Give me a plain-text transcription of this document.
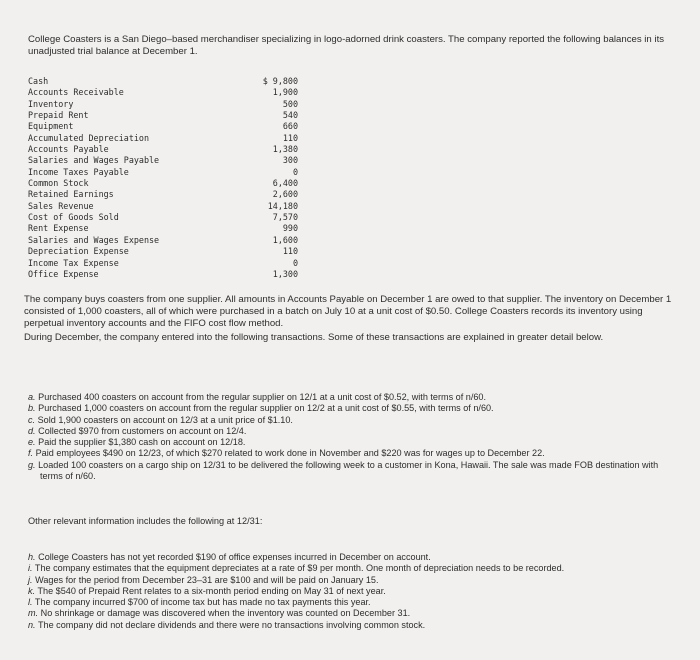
College Coasters is a San Diego–based merchandiser specializing in logo-adorned drink coasters. The company reported the following balances in its unadjusted trial balance at December 1.

Cash	$ 9,800
Accounts Receivable	1,900
Inventory	500
Prepaid Rent	540
Equipment	660
Accumulated Depreciation	110
Accounts Payable	1,380
Salaries and Wages Payable	300
Income Taxes Payable	0
Common Stock	6,400
Retained Earnings	2,600
Sales Revenue	14,180
Cost of Goods Sold	7,570
Rent Expense	990
Salaries and Wages Expense	1,600
Depreciation Expense	110
Income Tax Expense	0
Office Expense	1,300

The company buys coasters from one supplier. All amounts in Accounts Payable on December 1 are owed to that supplier. The inventory on December 1 consisted of 1,000 coasters, all of which were purchased in a batch on July 10 at a unit cost of $0.50. College Coasters records its inventory using perpetual inventory accounts and the FIFO cost flow method.

During December, the company entered into the following transactions. Some of these transactions are explained in greater detail below.

a. Purchased 400 coasters on account from the regular supplier on 12/1 at a unit cost of $0.52, with terms of n/60.
b. Purchased 1,000 coasters on account from the regular supplier on 12/2 at a unit cost of $0.55, with terms of n/60.
c. Sold 1,900 coasters on account on 12/3 at a unit price of $1.10.
d. Collected $970 from customers on account on 12/4.
e. Paid the supplier $1,380 cash on account on 12/18.
f. Paid employees $490 on 12/23, of which $270 related to work done in November and $220 was for wages up to December 22.
g. Loaded 100 coasters on a cargo ship on 12/31 to be delivered the following week to a customer in Kona, Hawaii. The sale was made FOB destination with terms of n/60.

Other relevant information includes the following at 12/31:

h. College Coasters has not yet recorded $190 of office expenses incurred in December on account.
i. The company estimates that the equipment depreciates at a rate of $9 per month. One month of depreciation needs to be recorded.
j. Wages for the period from December 23–31 are $100 and will be paid on January 15.
k. The $540 of Prepaid Rent relates to a six-month period ending on May 31 of next year.
l. The company incurred $700 of income tax but has made no tax payments this year.
m. No shrinkage or damage was discovered when the inventory was counted on December 31.
n. The company did not declare dividends and there were no transactions involving common stock.
